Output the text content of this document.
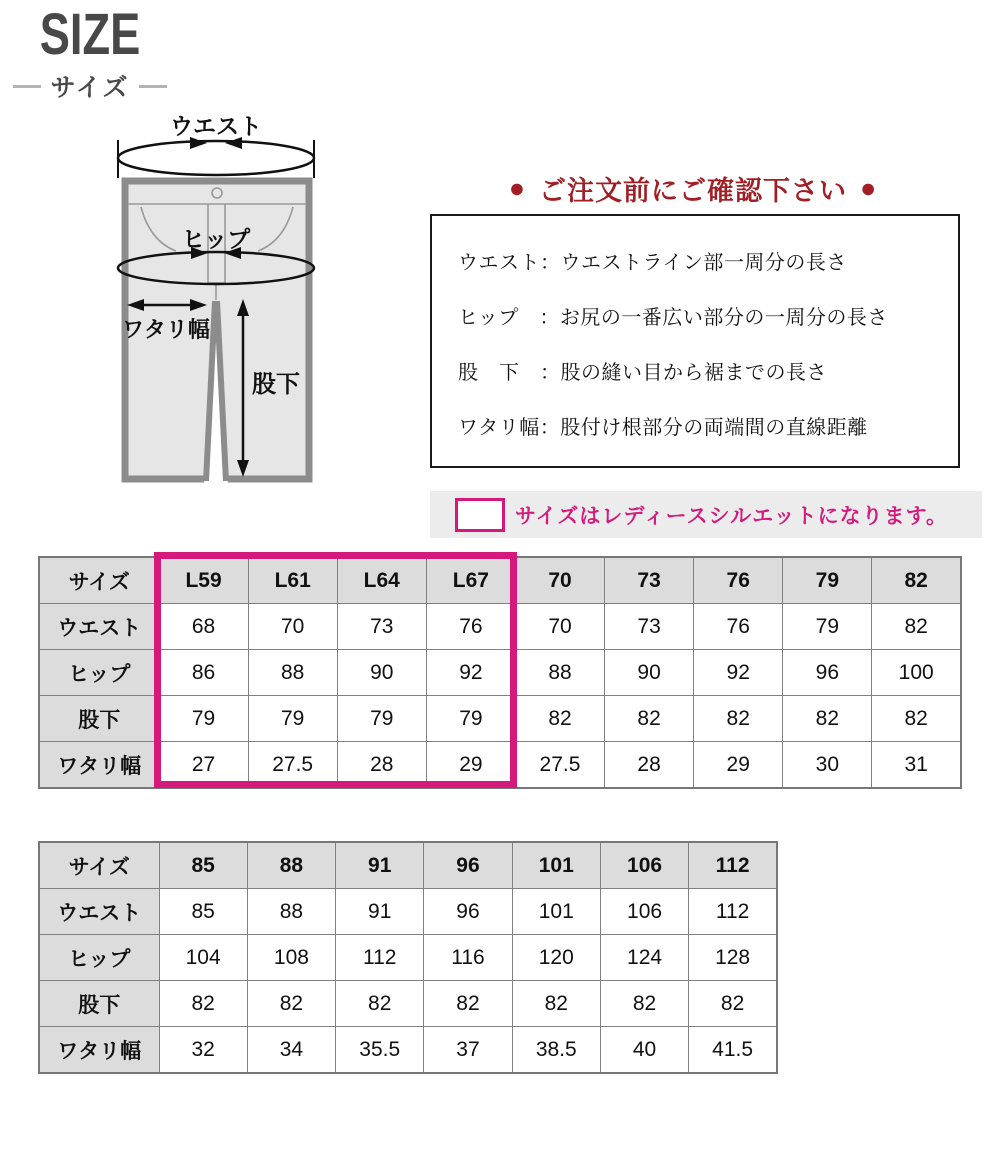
SIZE
サイズ
ウエスト
ヒップ
ワタリ幅
股下
● ご注文前にご確認下さい ●
ウエスト：ウエストライン部一周分の長さ
ヒップ　：お尻の一番広い部分の一周分の長さ
股　下　：股の縫い目から裾までの長さ
ワタリ幅：股付け根部分の両端間の直線距離
サイズはレディースシルエットになります。
サイズ	L59	L61	L64	L67	70	73	76	79	82
ウエスト	68	70	73	76	70	73	76	79	82
ヒップ	86	88	90	92	88	90	92	96	100
股下	79	79	79	79	82	82	82	82	82
ワタリ幅	27	27.5	28	29	27.5	28	29	30	31
サイズ	85	88	91	96	101	106	112
ウエスト	85	88	91	96	101	106	112
ヒップ	104	108	112	116	120	124	128
股下	82	82	82	82	82	82	82
ワタリ幅	32	34	35.5	37	38.5	40	41.5
